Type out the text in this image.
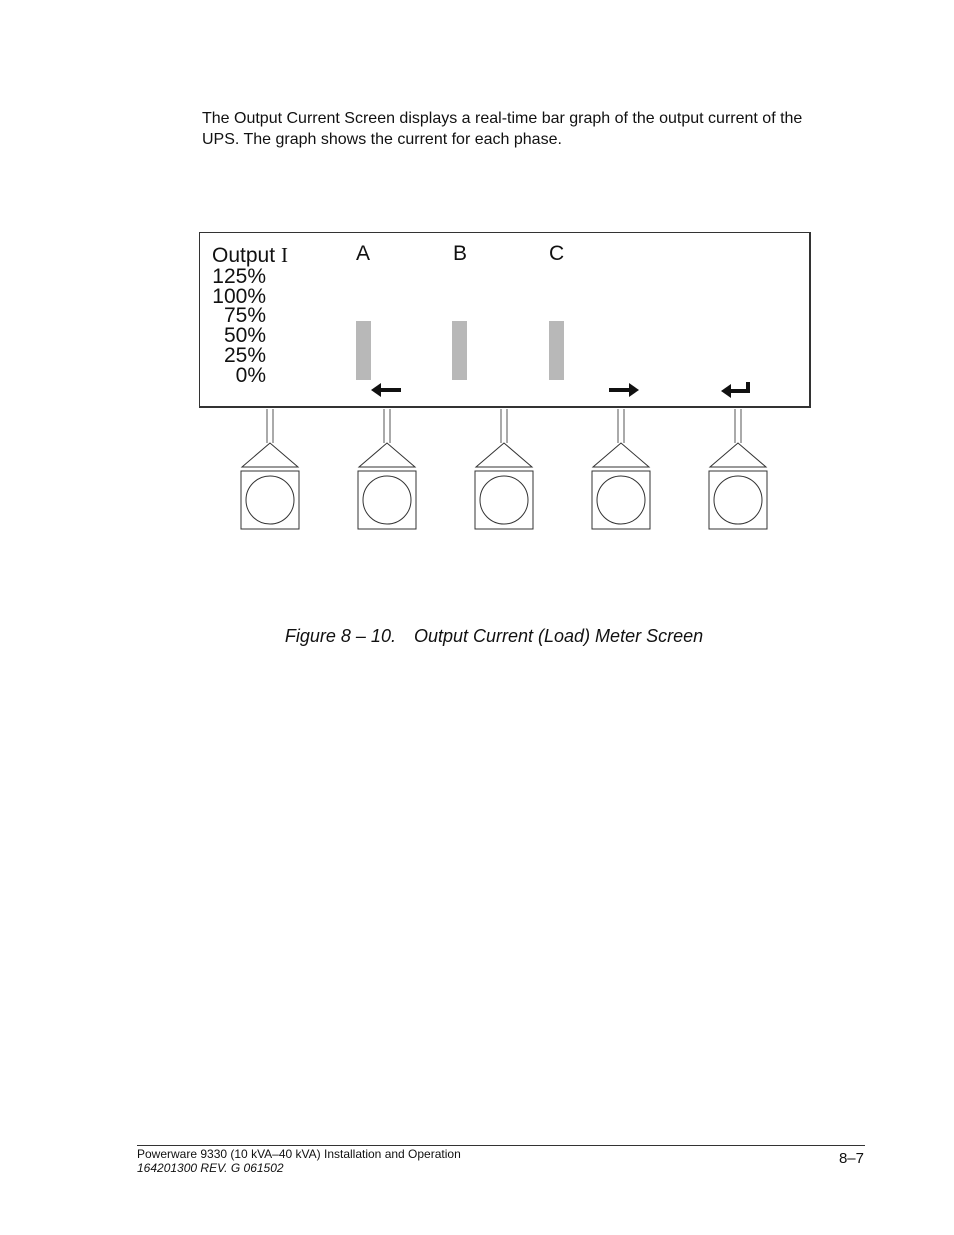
The Output Current Screen displays a real-time bar graph of the output current of the UPS. The graph shows the current for each phase.

Output I
125%
100%
75%
50%
25%
0%
A	B	C

Figure 8 – 10. Output Current (Load) Meter Screen

Powerware 9330 (10 kVA–40 kVA) Installation and Operation
164201300 REV. G 061502
8–7
